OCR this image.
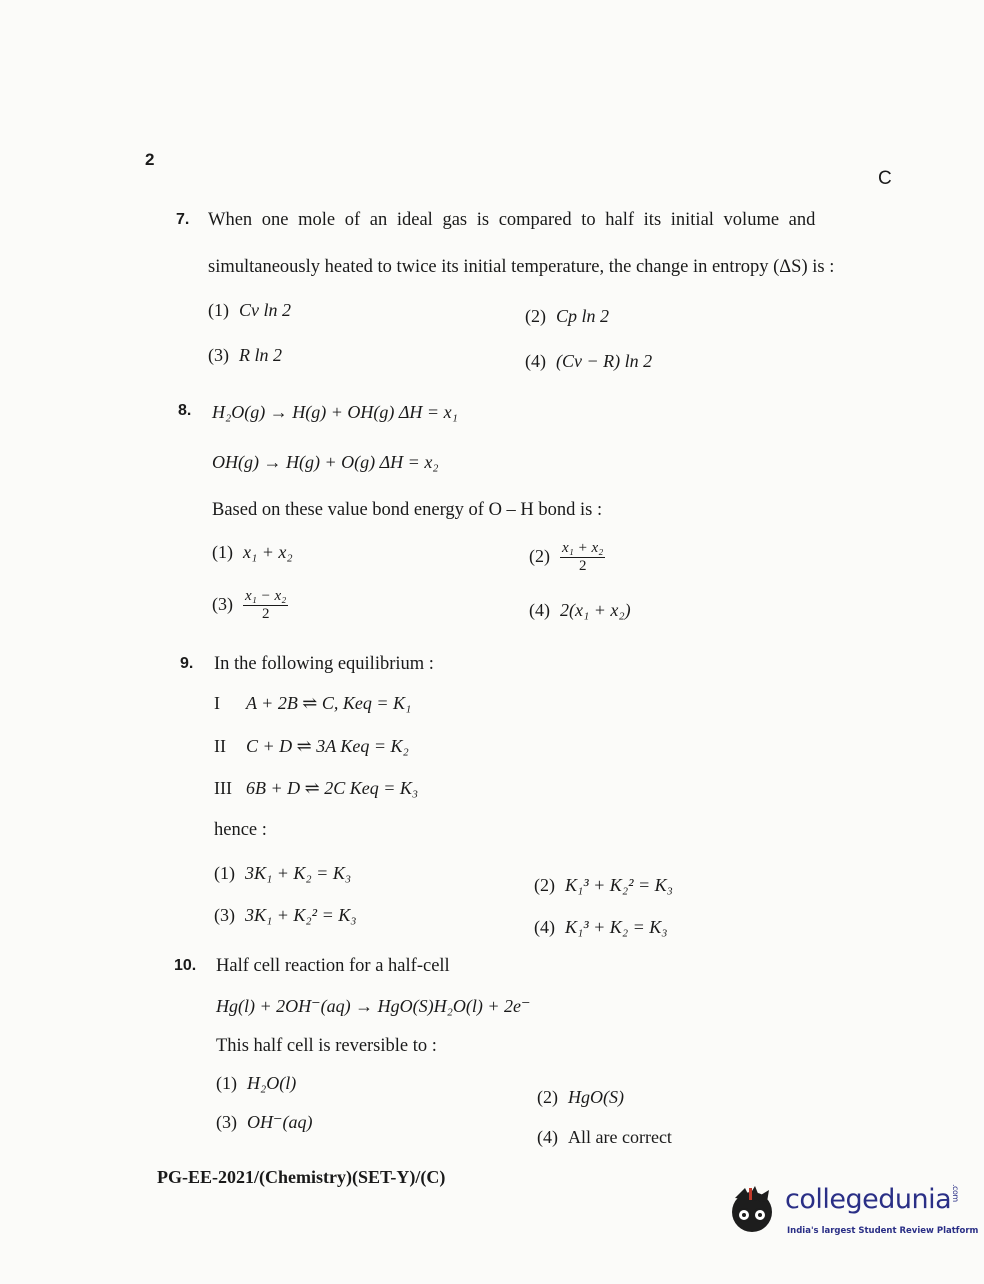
2
C
7. When one mole of an ideal gas is compared to half its initial volume and
simultaneously heated to twice its initial temperature, the change in entropy (ΔS) is :
(1) Cv ln 2	(2) Cp ln 2
(3) R ln 2	(4) (Cv − R) ln 2
8. H₂O(g) → H(g) + OH(g) ΔH = x₁
OH(g) → H(g) + O(g) ΔH = x₂
Based on these value bond energy of O – H bond is :
(1) x₁ + x₂	$(2) \frac{\text{x₁ + x₂}}{2}$
$(3) \frac{\text{x₁ − x₂}}{2}$	(4) 2(x₁ + x₂)
9. In the following equilibrium :
I A + 2B ⇌ C, Keq = K₁
II C + D ⇌ 3A Keq = K₂
III 6B + D ⇌ 2C Keq = K₃
hence :
(1) 3K₁ + K₂ = K₃
(2) K₁³ + K₂² = K₃
(3) 3K₁ + K₂² = K₃
(4) K₁³ + K₂ = K₃
10. Half cell reaction for a half-cell
Hg(l) + 2OH⁻(aq) → HgO(S)H₂O(l) + 2e⁻
This half cell is reversible to :
(1) H₂O(l)
(2) HgO(S)
(3) OH⁻(aq)
(4) All are correct
PG-EE-2021/(Chemistry)(SET-Y)/(C)
collegedunia.com
India's largest Student Review Platform
